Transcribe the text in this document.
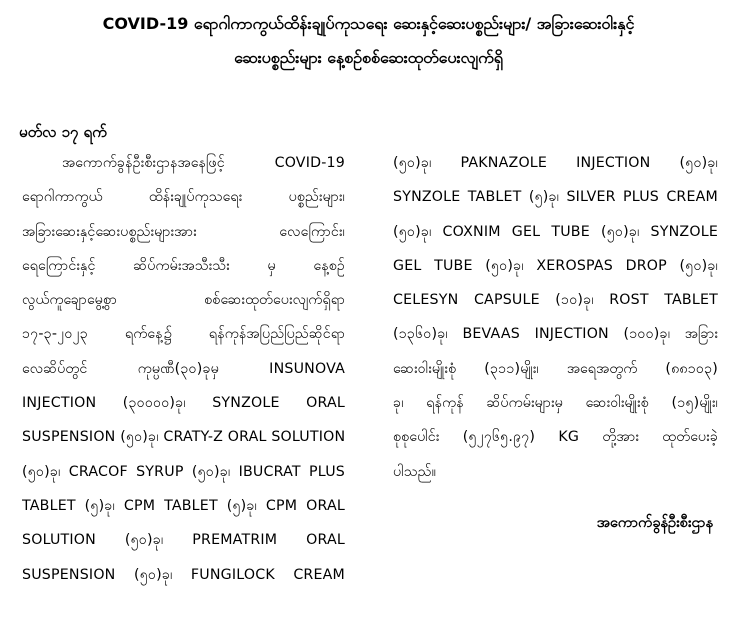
COVID-19 ရောဂါကာကွယ်ထိန်းချုပ်ကုသရေး ဆေးနှင့်ဆေးပစ္စည်းများ/ အခြားဆေးဝါးနှင့်
ဆေးပစ္စည်းများ နေ့စဉ်စစ်ဆေးထုတ်ပေးလျက်ရှိ
မတ်လ ၁၇ ရက်
အကောက်ခွန်ဦးစီးဌာနအနေဖြင့် COVID-19
ရောဂါကာကွယ် ထိန်းချုပ်ကုသရေး ပစ္စည်းများ၊
အခြားဆေးနှင့်ဆေးပစ္စည်းများအား လေကြောင်း၊
ရေကြောင်းနှင့် ဆိပ်ကမ်းအသီးသီး မှ နေ့စဉ်
လွယ်ကူချောမွေ့စွာ စစ်ဆေးထုတ်ပေးလျက်ရှိရာ
၁၇-၃-၂၀၂၃ ရက်နေ့၌ ရန်ကုန်အပြည်ပြည်ဆိုင်ရာ
လေဆိပ်တွင် ကုမ္ပဏီ(၃၀)ခုမှ INSUNOVA
INJECTION (၃၀၀၀၀)ခု၊ SYNZOLE ORAL
SUSPENSION (၅၀)ခု၊ CRATY-Z ORAL SOLUTION
(၅၀)ခု၊ CRACOF SYRUP (၅၀)ခု၊ IBUCRAT PLUS
TABLET (၅)ခု၊ CPM TABLET (၅)ခု၊ CPM ORAL
SOLUTION (၅၀)ခု၊ PREMATRIM ORAL
SUSPENSION (၅၀)ခု၊ FUNGILOCK CREAM
(၅၀)ခု၊ PAKNAZOLE INJECTION (၅၀)ခု၊
SYNZOLE TABLET (၅)ခု၊ SILVER PLUS CREAM
(၅၀)ခု၊ COXNIM GEL TUBE (၅၀)ခု၊ SYNZOLE
GEL TUBE (၅၀)ခု၊ XEROSPAS DROP (၅၀)ခု၊
CELESYN CAPSULE (၁၀)ခု၊ ROST TABLET
(၁၃၆၀)ခု၊ BEVAAS INJECTION (၁၀၀)ခု၊ အခြား
ဆေးဝါးမျိုးစုံ (၃၁၁)မျိုး၊ အရေအတွက် (၈၈၁၀၃)
ခု၊ ရန်ကုန် ဆိပ်ကမ်းများမှ ဆေးဝါးမျိုးစုံ (၁၅)မျိုး၊
စုစုပေါင်း (၅၂၇၆၅.၉၇) KG တို့အား ထုတ်ပေးခဲ့
ပါသည်။
အကောက်ခွန်ဦးစီးဌာန
